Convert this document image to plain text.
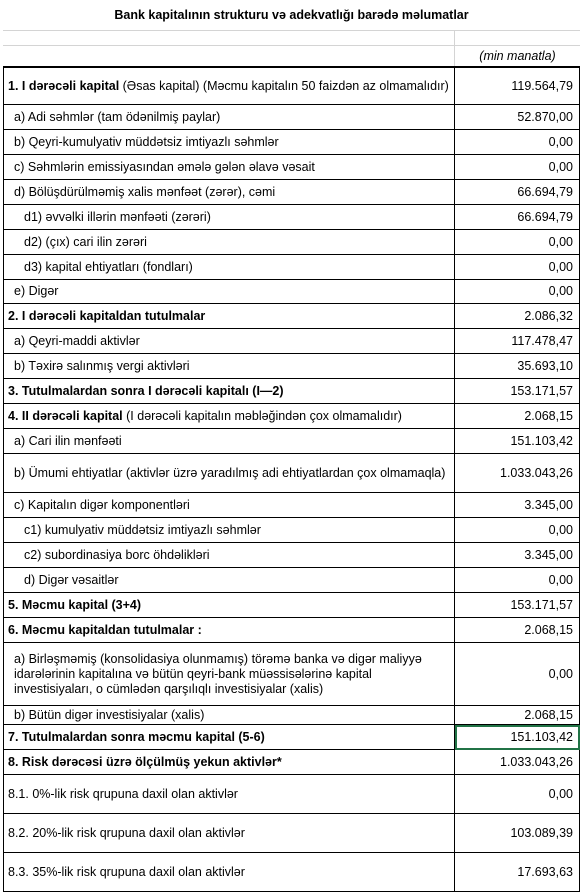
Bank kapitalının strukturu və adekvatlığı barədə məlumatlar
(min manatla)
1. I dərəcəli kapital (Əsas kapital) (Məcmu kapitalın 50 faizdən az olmamalıdır)	119.564,79
a) Adi səhmlər (tam ödənilmiş paylar)	52.870,00
b) Qeyri-kumulyativ müddətsiz imtiyazlı səhmlər	0,00
c) Səhmlərin emissiyasından əmələ gələn əlavə vəsait	0,00
d) Bölüşdürülməmiş xalis mənfəət (zərər), cəmi	66.694,79
d1) əvvəlki illərin mənfəəti (zərəri)	66.694,79
d2) (çıx) cari ilin zərəri	0,00
d3) kapital ehtiyatları (fondları)	0,00
e) Digər	0,00
2. I dərəcəli kapitaldan tutulmalar	2.086,32
a) Qeyri-maddi aktivlər	117.478,47
b) Təxirə salınmış vergi aktivləri	35.693,10
3. Tutulmalardan sonra I dərəcəli kapitalı (I—2)	153.171,57
4. II dərəcəli kapital (I dərəcəli kapitalın məbləğindən çox olmamalıdır)	2.068,15
a) Cari ilin mənfəəti	151.103,42
b) Ümumi ehtiyatlar (aktivlər üzrə yaradılmış adi ehtiyatlardan çox olmamaqla)	1.033.043,26
c) Kapitalın digər komponentləri	3.345,00
c1) kumulyativ müddətsiz imtiyazlı səhmlər	0,00
c2) subordinasiya borc öhdəlikləri	3.345,00
d) Digər vəsaitlər	0,00
5. Məcmu kapital (3+4)	153.171,57
6. Məcmu kapitaldan tutulmalar :	2.068,15
a) Birləşməmiş (konsolidasiya olunmamış) törəmə banka və digər maliyyə idarələrinin kapitalına və bütün qeyri-bank müəssisələrinə kapital investisiyaları, o cümlədən qarşılıqlı investisiyalar (xalis)	0,00
b) Bütün digər investisiyalar (xalis)	2.068,15
7. Tutulmalardan sonra məcmu kapital (5-6)	151.103,42
8. Risk dərəcəsi üzrə ölçülmüş yekun aktivlər*	1.033.043,26
8.1. 0%-lik risk qrupuna daxil olan aktivlər	0,00
8.2. 20%-lik risk qrupuna daxil olan aktivlər	103.089,39
8.3. 35%-lik risk qrupuna daxil olan aktivlər	17.693,63
